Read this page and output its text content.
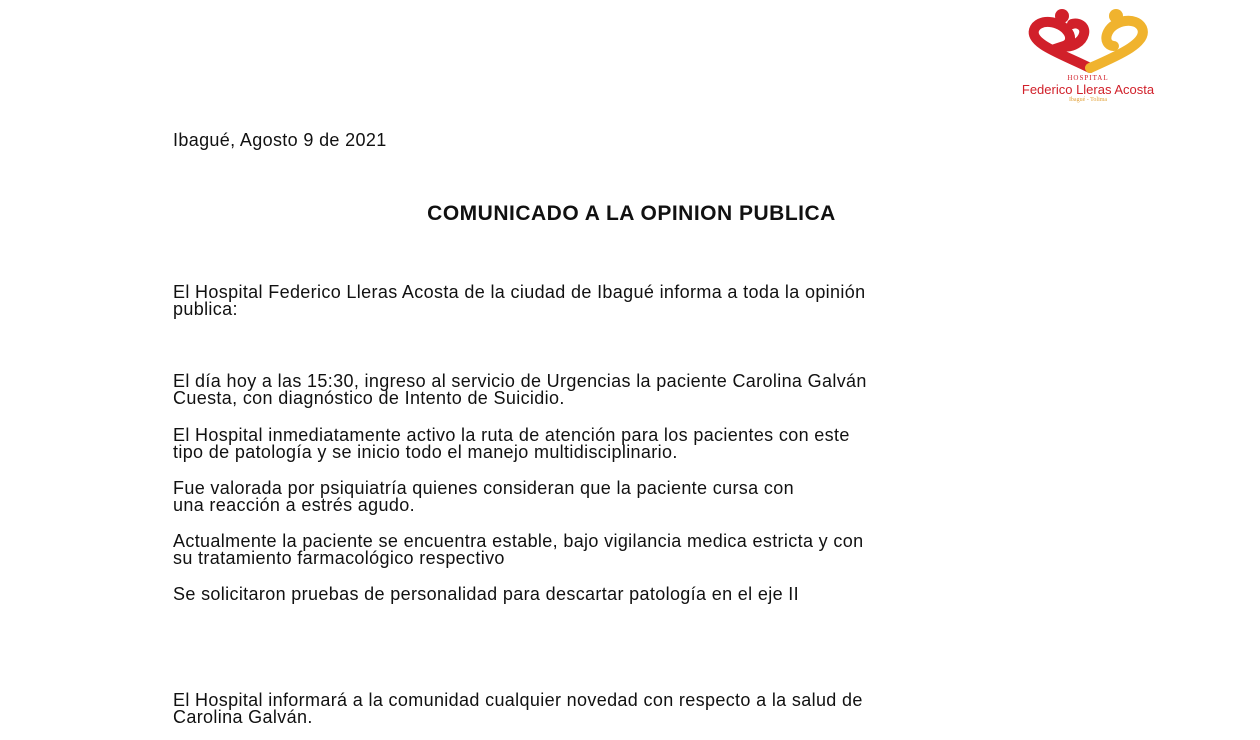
HOSPITAL
Federico Lleras Acosta
Ibagué - Tolima

Ibagué, Agosto 9 de 2021

COMUNICADO A LA OPINION PUBLICA

El Hospital Federico Lleras Acosta de la ciudad de Ibagué informa a toda la opinión

publica:

El día hoy a las 15:30, ingreso al servicio de Urgencias la paciente Carolina Galván

Cuesta, con diagnóstico de Intento de Suicidio.

El Hospital inmediatamente activo la ruta de atención para los pacientes con este

tipo de patología y se inicio todo el manejo multidisciplinario.

Fue valorada por psiquiatría quienes consideran que la paciente cursa con

una reacción a estrés agudo.

Actualmente la paciente se encuentra estable, bajo vigilancia medica estricta y con

su tratamiento farmacológico respectivo

Se solicitaron pruebas de personalidad para descartar patología en el eje II

El Hospital informará a la comunidad cualquier novedad con respecto a la salud de

Carolina Galván.
